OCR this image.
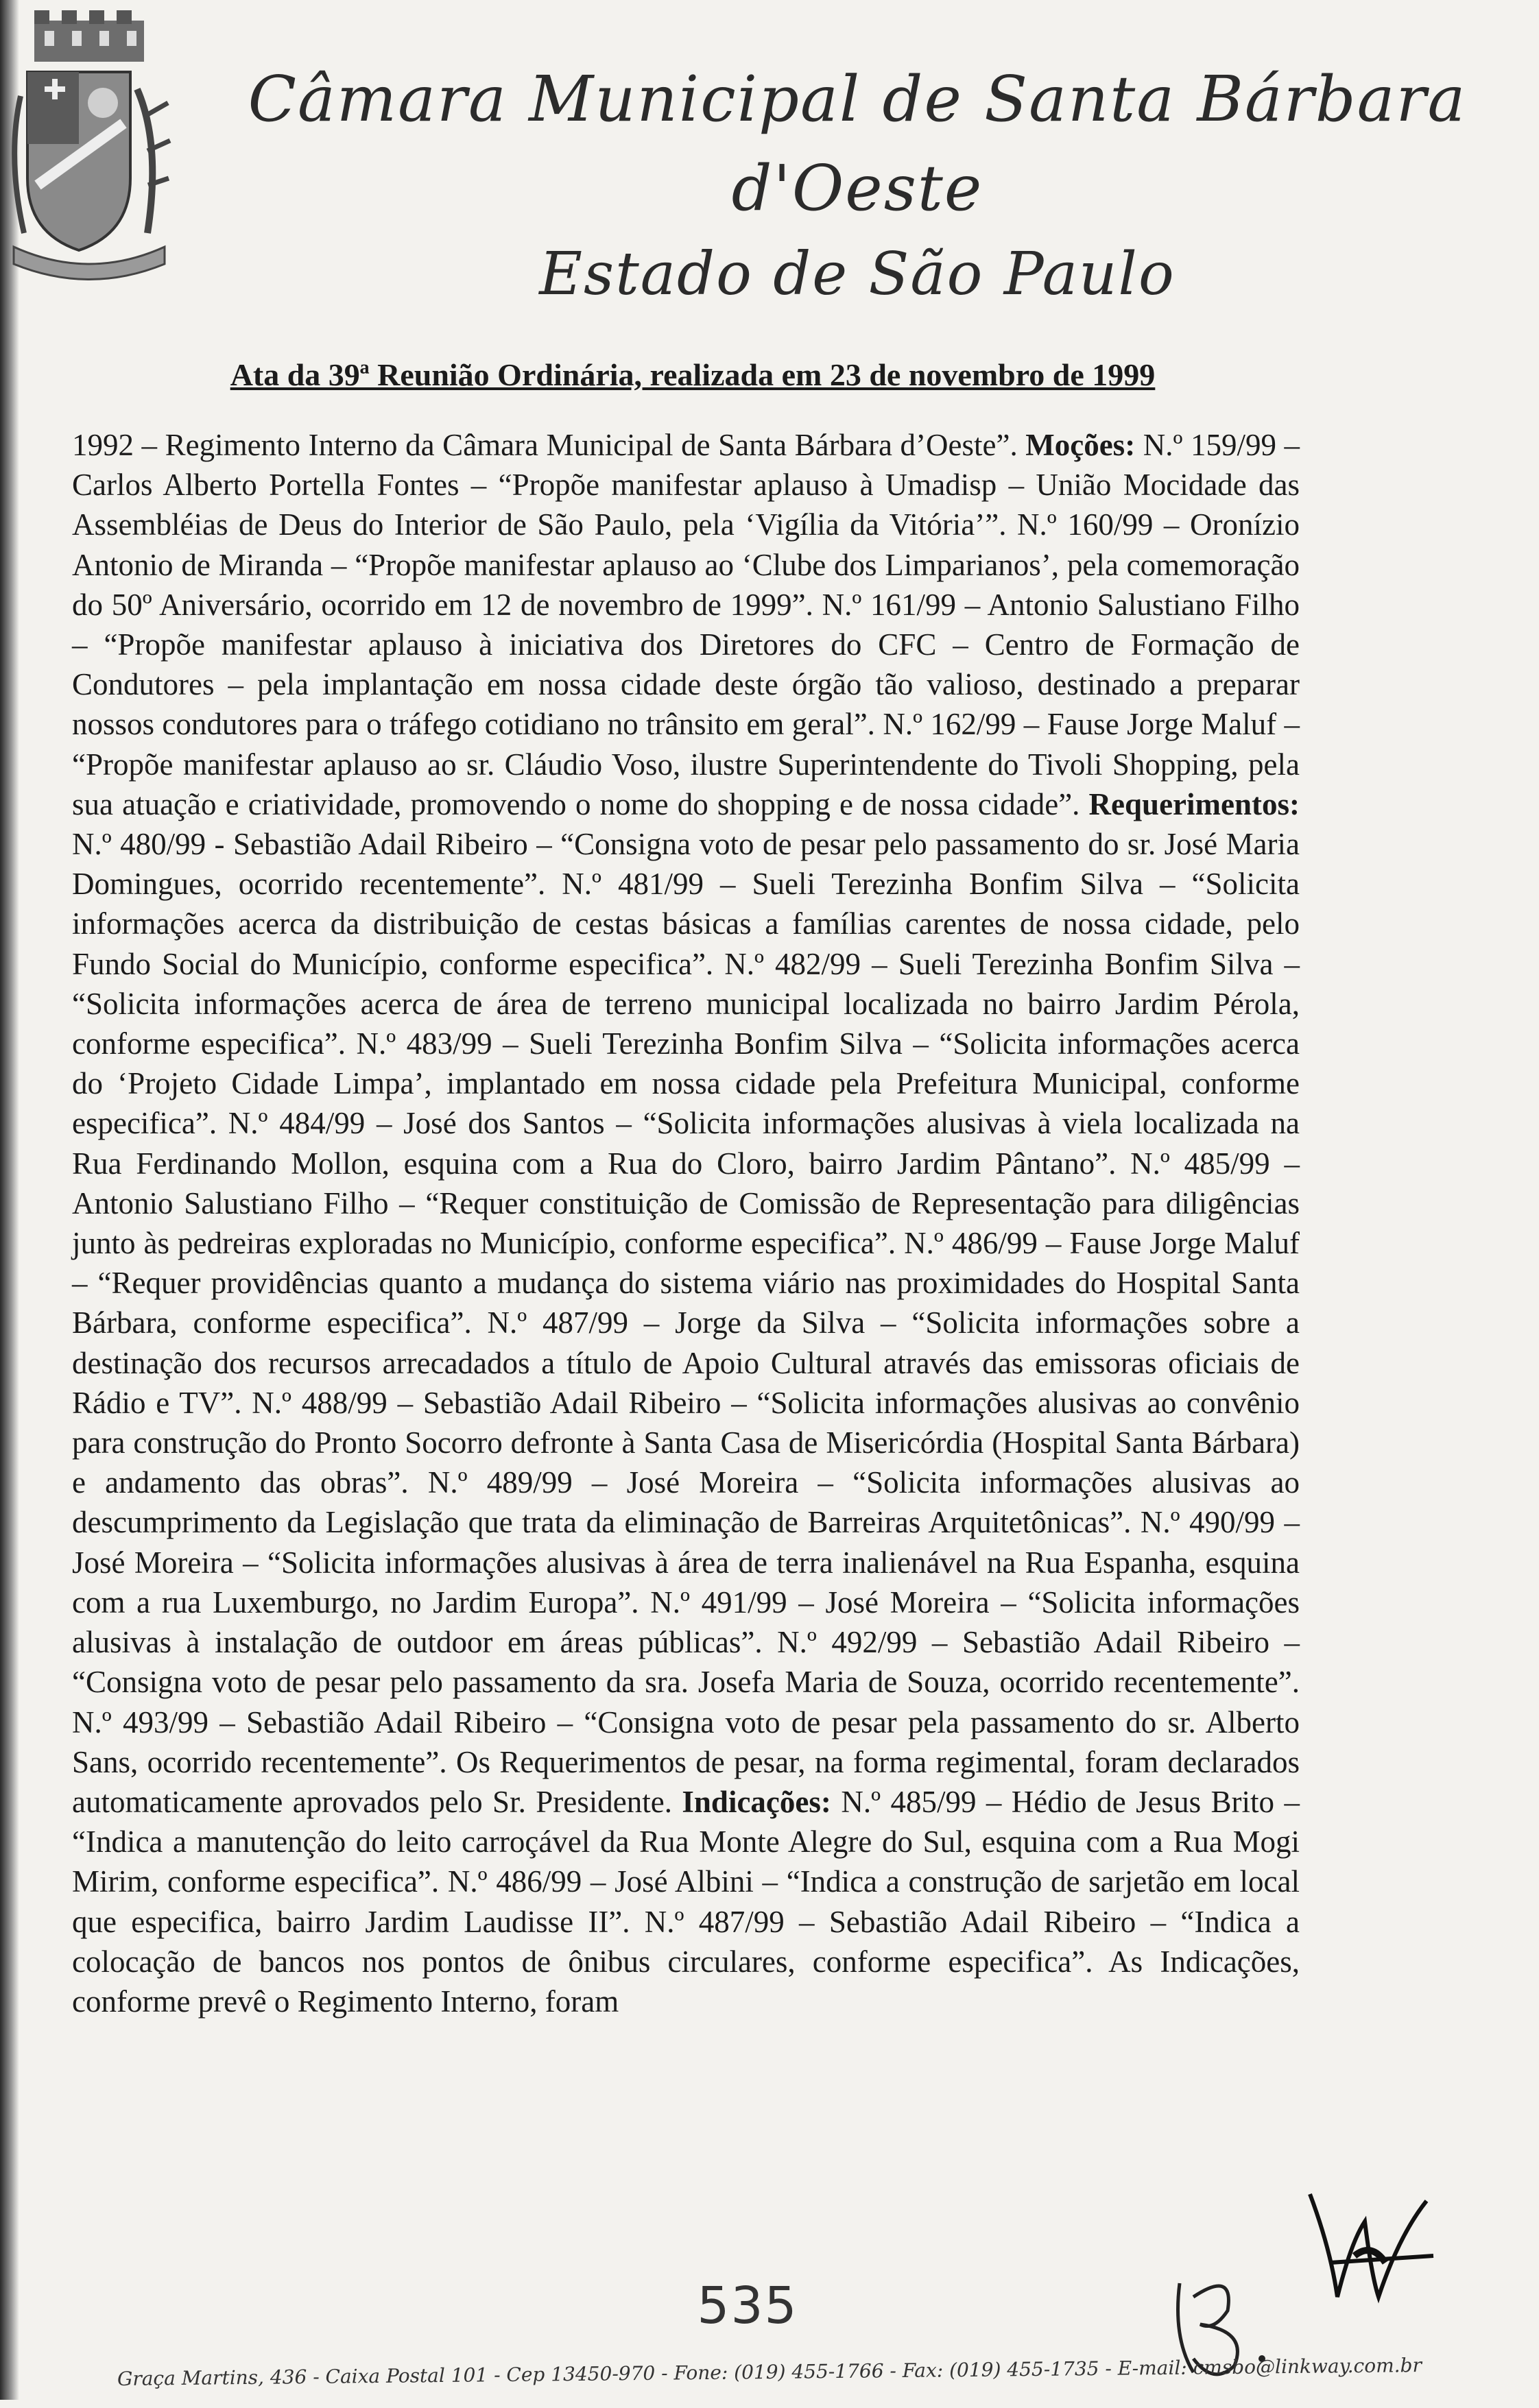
Câmara Municipal de Santa Bárbara d'Oeste
Estado de São Paulo
Ata da 39ª Reunião Ordinária, realizada em 23 de novembro de 1999
1992 – Regimento Interno da Câmara Municipal de Santa Bárbara d’Oeste”. Moções: N.º 159/99 – Carlos Alberto Portella Fontes – “Propõe manifestar aplauso à Umadisp – União Mocidade das Assembléias de Deus do Interior de São Paulo, pela ‘Vigília da Vitória’”. N.º 160/99 – Oronízio Antonio de Miranda – “Propõe manifestar aplauso ao ‘Clube dos Limparianos’, pela comemoração do 50º Aniversário, ocorrido em 12 de novembro de 1999”. N.º 161/99 – Antonio Salustiano Filho – “Propõe manifestar aplauso à iniciativa dos Diretores do CFC – Centro de Formação de Condutores – pela implantação em nossa cidade deste órgão tão valioso, destinado a preparar nossos condutores para o tráfego cotidiano no trânsito em geral”. N.º 162/99 – Fause Jorge Maluf – “Propõe manifestar aplauso ao sr. Cláudio Voso, ilustre Superintendente do Tivoli Shopping, pela sua atuação e criatividade, promovendo o nome do shopping e de nossa cidade”. Requerimentos: N.º 480/99 - Sebastião Adail Ribeiro – “Consigna voto de pesar pelo passamento do sr. José Maria Domingues, ocorrido recentemente”. N.º 481/99 – Sueli Terezinha Bonfim Silva – “Solicita informações acerca da distribuição de cestas básicas a famílias carentes de nossa cidade, pelo Fundo Social do Município, conforme especifica”. N.º 482/99 – Sueli Terezinha Bonfim Silva – “Solicita informações acerca de área de terreno municipal localizada no bairro Jardim Pérola, conforme especifica”. N.º 483/99 – Sueli Terezinha Bonfim Silva – “Solicita informações acerca do ‘Projeto Cidade Limpa’, implantado em nossa cidade pela Prefeitura Municipal, conforme especifica”. N.º 484/99 – José dos Santos – “Solicita informações alusivas à viela localizada na Rua Ferdinando Mollon, esquina com a Rua do Cloro, bairro Jardim Pântano”. N.º 485/99 – Antonio Salustiano Filho – “Requer constituição de Comissão de Representação para diligências junto às pedreiras exploradas no Município, conforme especifica”. N.º 486/99 – Fause Jorge Maluf – “Requer providências quanto a mudança do sistema viário nas proximidades do Hospital Santa Bárbara, conforme especifica”. N.º 487/99 – Jorge da Silva – “Solicita informações sobre a destinação dos recursos arrecadados a título de Apoio Cultural através das emissoras oficiais de Rádio e TV”. N.º 488/99 – Sebastião Adail Ribeiro – “Solicita informações alusivas ao convênio para construção do Pronto Socorro defronte à Santa Casa de Misericórdia (Hospital Santa Bárbara) e andamento das obras”. N.º 489/99 – José Moreira – “Solicita informações alusivas ao descumprimento da Legislação que trata da eliminação de Barreiras Arquitetônicas”. N.º 490/99 – José Moreira – “Solicita informações alusivas à área de terra inalienável na Rua Espanha, esquina com a rua Luxemburgo, no Jardim Europa”. N.º 491/99 – José Moreira – “Solicita informações alusivas à instalação de outdoor em áreas públicas”. N.º 492/99 – Sebastião Adail Ribeiro – “Consigna voto de pesar pelo passamento da sra. Josefa Maria de Souza, ocorrido recentemente”. N.º 493/99 – Sebastião Adail Ribeiro – “Consigna voto de pesar pela passamento do sr. Alberto Sans, ocorrido recentemente”. Os Requerimentos de pesar, na forma regimental, foram declarados automaticamente aprovados pelo Sr. Presidente. Indicações: N.º 485/99 – Hédio de Jesus Brito – “Indica a manutenção do leito carroçável da Rua Monte Alegre do Sul, esquina com a Rua Mogi Mirim, conforme especifica”. N.º 486/99 – José Albini – “Indica a construção de sarjetão em local que especifica, bairro Jardim Laudisse II”. N.º 487/99 – Sebastião Adail Ribeiro – “Indica a colocação de bancos nos pontos de ônibus circulares, conforme especifica”. As Indicações, conforme prevê o Regimento Interno, foram
535
Graça Martins, 436 - Caixa Postal 101 - Cep 13450-970 - Fone: (019) 455-1766 - Fax: (019) 455-1735 - E-mail: cmsbo@linkway.com.br
